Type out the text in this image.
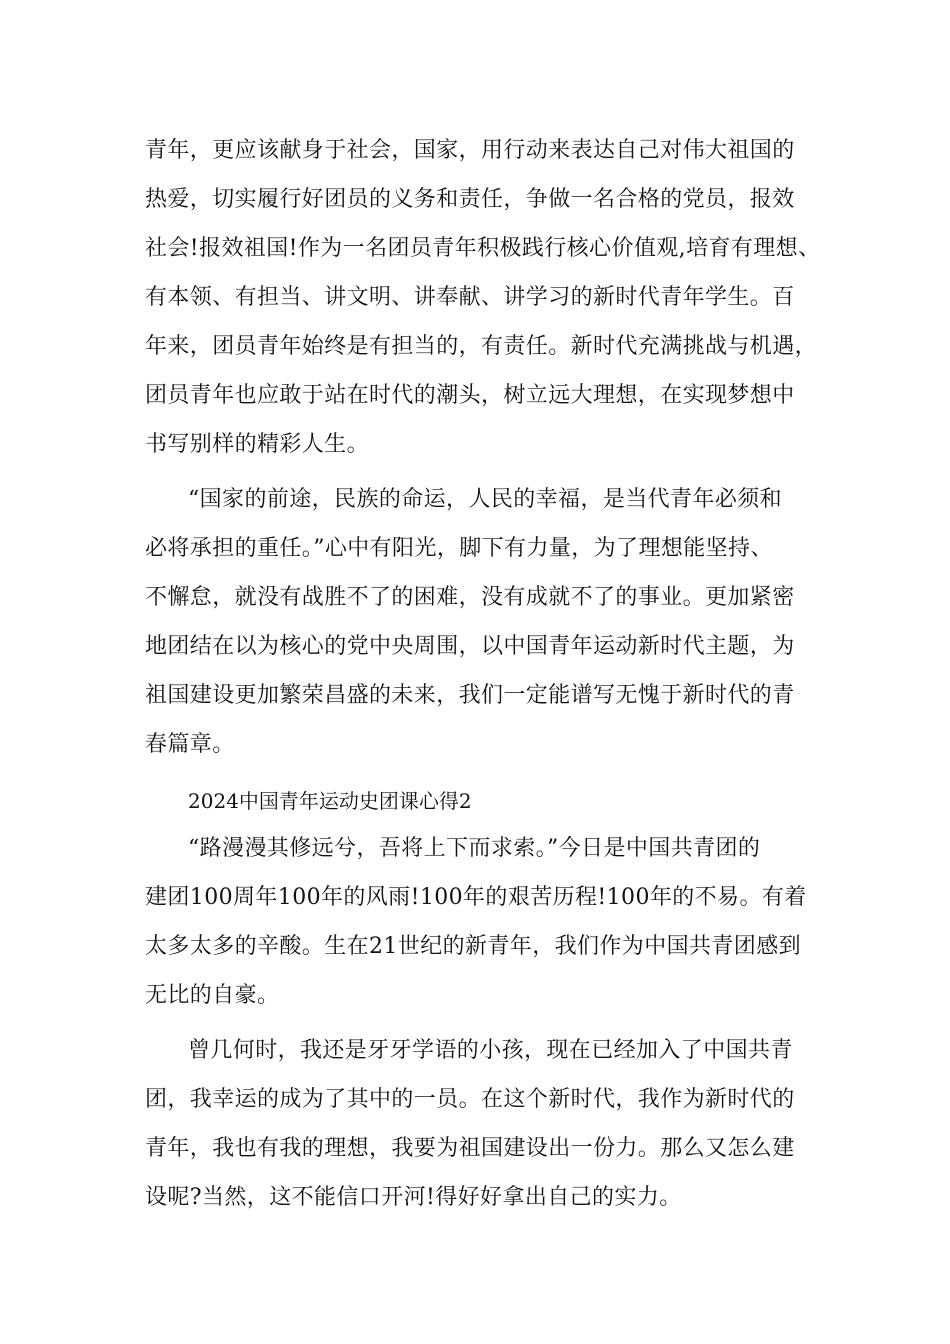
青年，更应该献身于社会，国家，用行动来表达自己对伟大祖国的
热爱，切实履行好团员的义务和责任，争做一名合格的党员，报效
社会!报效祖国!作为一名团员青年积极践行核心价值观,培育有理想、
有本领、有担当、讲文明、讲奉献、讲学习的新时代青年学生。百
年来，团员青年始终是有担当的，有责任。新时代充满挑战与机遇，
团员青年也应敢于站在时代的潮头，树立远大理想，在实现梦想中
书写别样的精彩人生。
“国家的前途，民族的命运，人民的幸福，是当代青年必须和
必将承担的重任。”心中有阳光，脚下有力量，为了理想能坚持、
不懈怠，就没有战胜不了的困难，没有成就不了的事业。更加紧密
地团结在以为核心的党中央周围，以中国青年运动新时代主题，为
祖国建设更加繁荣昌盛的未来，我们一定能谱写无愧于新时代的青
春篇章。
2024中国青年运动史团课心得2
“路漫漫其修远兮，吾将上下而求索。”今日是中国共青团的
建团100周年100年的风雨!100年的艰苦历程!100年的不易。有着
太多太多的辛酸。生在21世纪的新青年，我们作为中国共青团感到
无比的自豪。
曾几何时，我还是牙牙学语的小孩，现在已经加入了中国共青
团，我幸运的成为了其中的一员。在这个新时代，我作为新时代的
青年，我也有我的理想，我要为祖国建设出一份力。那么又怎么建
设呢?当然，这不能信口开河!得好好拿出自己的实力。
